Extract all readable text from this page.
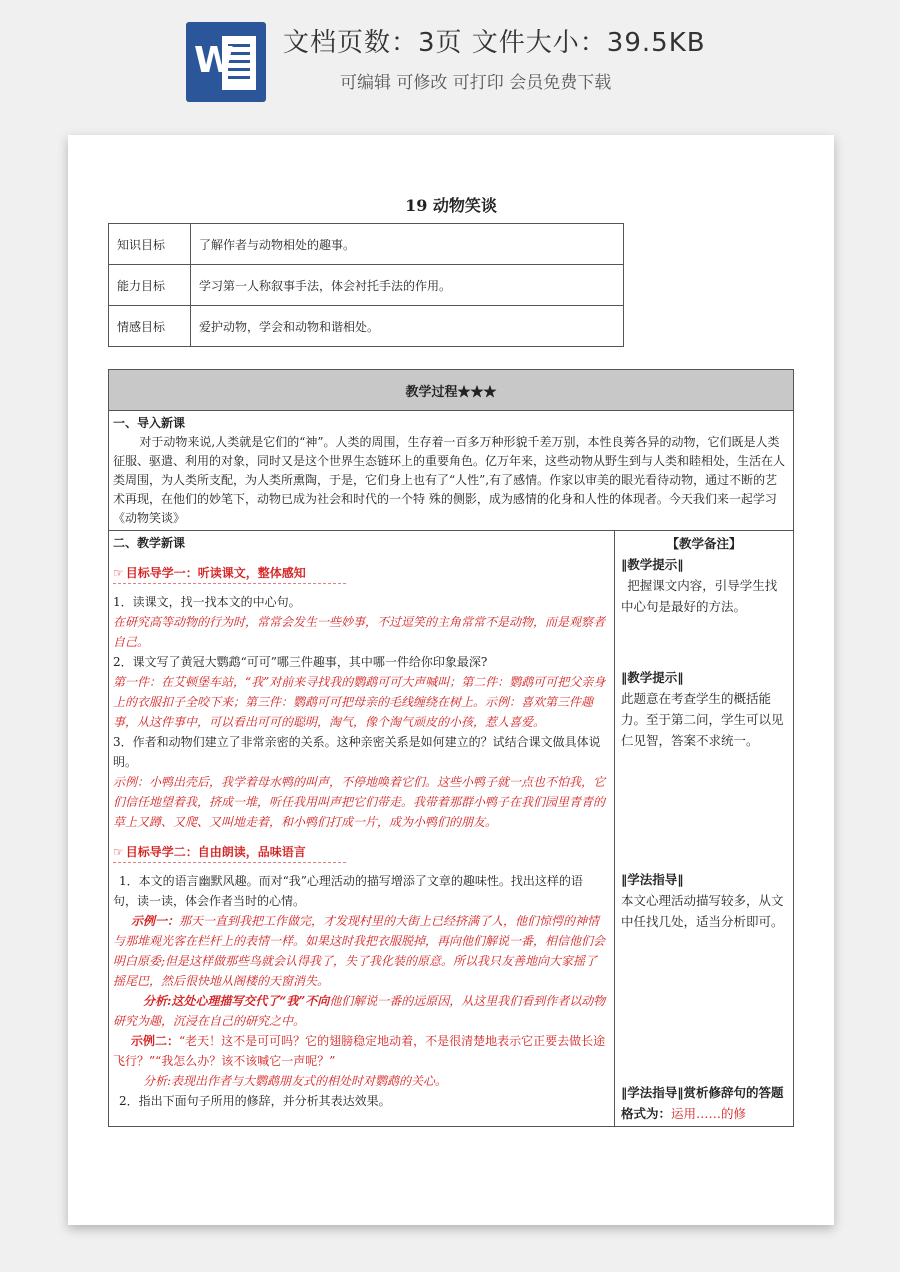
W 文档页数：3页 文件大小：39.5KB
可编辑 可修改 可打印 会员免费下载
19 动物笑谈
知识目标	了解作者与动物相处的趣事。
能力目标	学习第一人称叙事手法，体会衬托手法的作用。
情感目标	爱护动物，学会和动物和谐相处。
教学过程★★★

一、导入新课

对于动物来说,人类就是它们的“神”。人类的周围，生存着一百多万种形貌千差万别，本性良莠各异的动物，它们既是人类征服、驱遣、利用的对象，同时又是这个世界生态链环上的重要角色。亿万年来，这些动物从野生到与人类和睦相处，生活在人类周围，为人类所支配，为人类所熏陶，于是，它们身上也有了“人性”,有了感情。作家以审美的眼光看待动物，通过不断的艺术再现，在他们的妙笔下，动物已成为社会和时代的一个特 殊的侧影，成为感情的化身和人性的体现者。今天我们来一起学习《动物笑谈》

二、教学新课

☞ 目标导学一：听读课文，整体感知

1．读课文，找一找本文的中心句。

在研究高等动物的行为时，常常会发生一些妙事，不过逗笑的主角常常不是动物，而是观察者自己。

2．课文写了黄冠大鹦鹉“可可”哪三件趣事，其中哪一件给你印象最深?

第一件：在艾顿堡车站，“我”对前来寻找我的鹦鹉可可大声喊叫；第二件：鹦鹉可可把父亲身上的衣服扣子全咬下来；第三件：鹦鹉可可把母亲的毛线缠绕在树上。示例：喜欢第三件趣事，从这件事中，可以看出可可的聪明，淘气，像个淘气顽皮的小孩，惹人喜爱。

3．作者和动物们建立了非常亲密的关系。这种亲密关系是如何建立的？试结合课文做具体说明。

示例：小鸭出壳后，我学着母水鸭的叫声，不停地唤着它们。这些小鸭子就一点也不怕我，它们信任地望着我，挤成一堆，听任我用叫声把它们带走。我带着那群小鸭子在我们园里青青的草上又蹲、又爬、又叫地走着，和小鸭们打成一片，成为小鸭们的朋友。

☞ 目标导学二：自由朗读，品味语言

1．本文的语言幽默风趣。而对“我”心理活动的描写增添了文章的趣味性。找出这样的语句，读一读，体会作者当时的心情。

示例一：那天一直到我把工作做完，才发现村里的大街上已经挤满了人，他们惊愕的神情与那堆观光客在栏杆上的表情一样。如果这时我把衣服脱掉，再向他们解说一番，相信他们会明白原委;但是这样做那些鸟就会认得我了，失了我化装的原意。所以我只友善地向大家摇了摇尾巴，然后很快地从阁楼的天窗消失。

分析:这处心理描写交代了“我”不向他们解说一番的远原因，从这里我们看到作者以动物研究为趣，沉浸在自己的研究之中。

示例二：“老天！这不是可可吗？它的翅膀稳定地动着，不是很清楚地表示它正要去做长途飞行？”“我怎么办？该不该喊它一声呢？”

分析:表现出作者与大鹦鹉朋友式的相处时对鹦鹉的关心。

2．指出下面句子所用的修辞，并分析其表达效果。

【教学备注】

‖教学提示‖

把握课文内容，引导学生找中心句是最好的方法。

‖教学提示‖

此题意在考查学生的概括能力。至于第二问，学生可以见仁见智，答案不求统一。

‖学法指导‖

本文心理活动描写较多，从文中任找几处，适当分析即可。

‖学法指导‖赏析修辞句的答题格式为：运用……的修
